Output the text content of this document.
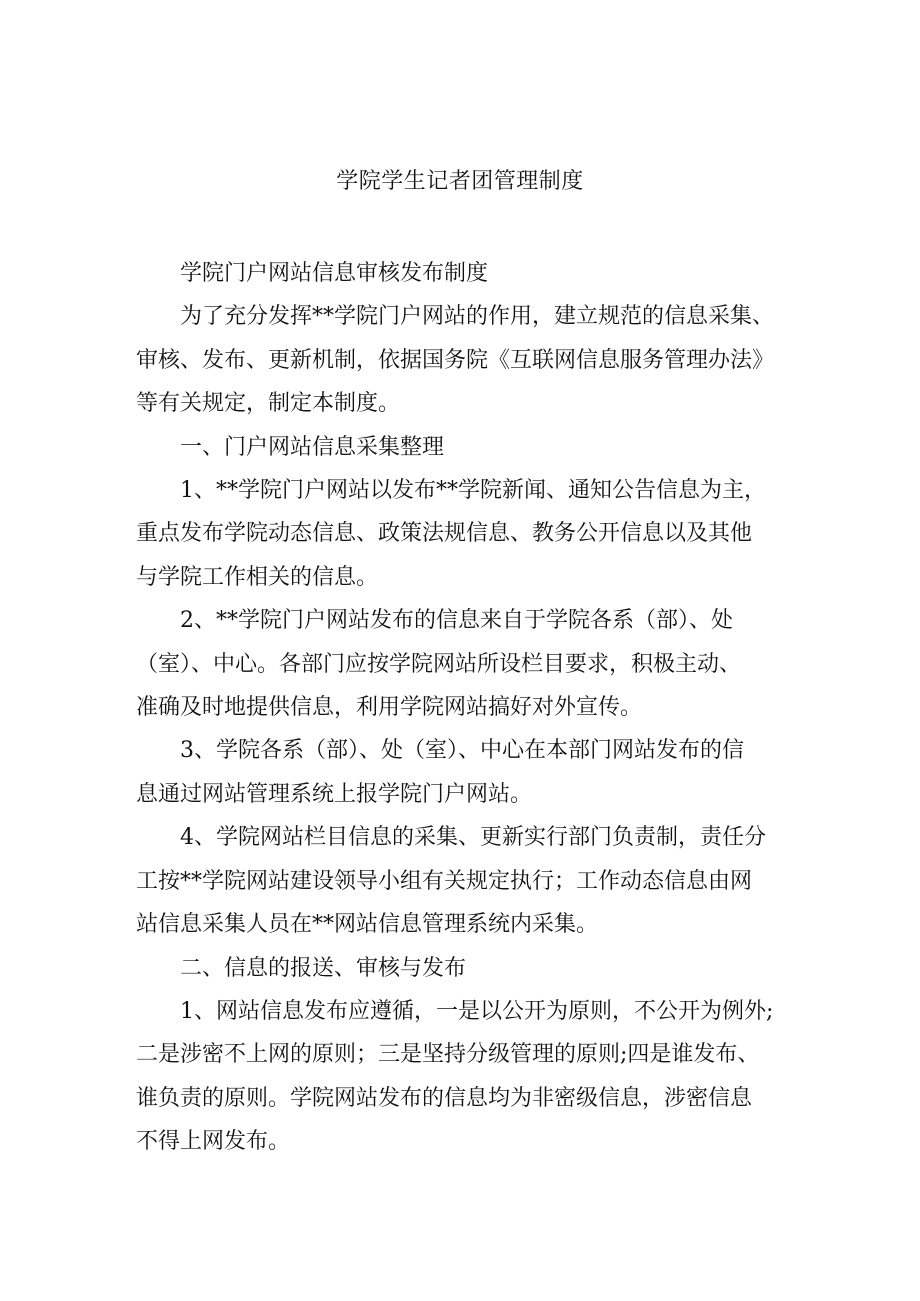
学院学生记者团管理制度

学院门户网站信息审核发布制度

为了充分发挥**学院门户网站的作用，建立规范的信息采集、
审核、发布、更新机制，依据国务院《互联网信息服务管理办法》
等有关规定，制定本制度。

一、门户网站信息采集整理

1、**学院门户网站以发布**学院新闻、通知公告信息为主，
重点发布学院动态信息、政策法规信息、教务公开信息以及其他
与学院工作相关的信息。

2、**学院门户网站发布的信息来自于学院各系（部）、处
（室）、中心。各部门应按学院网站所设栏目要求，积极主动、
准确及时地提供信息，利用学院网站搞好对外宣传。

3、学院各系（部）、处（室）、中心在本部门网站发布的信
息通过网站管理系统上报学院门户网站。

4、学院网站栏目信息的采集、更新实行部门负责制，责任分
工按**学院网站建设领导小组有关规定执行；工作动态信息由网
站信息采集人员在**网站信息管理系统内采集。

二、信息的报送、审核与发布

1、网站信息发布应遵循，一是以公开为原则，不公开为例外;
二是涉密不上网的原则；三是坚持分级管理的原则;四是谁发布、
谁负责的原则。学院网站发布的信息均为非密级信息，涉密信息
不得上网发布。
